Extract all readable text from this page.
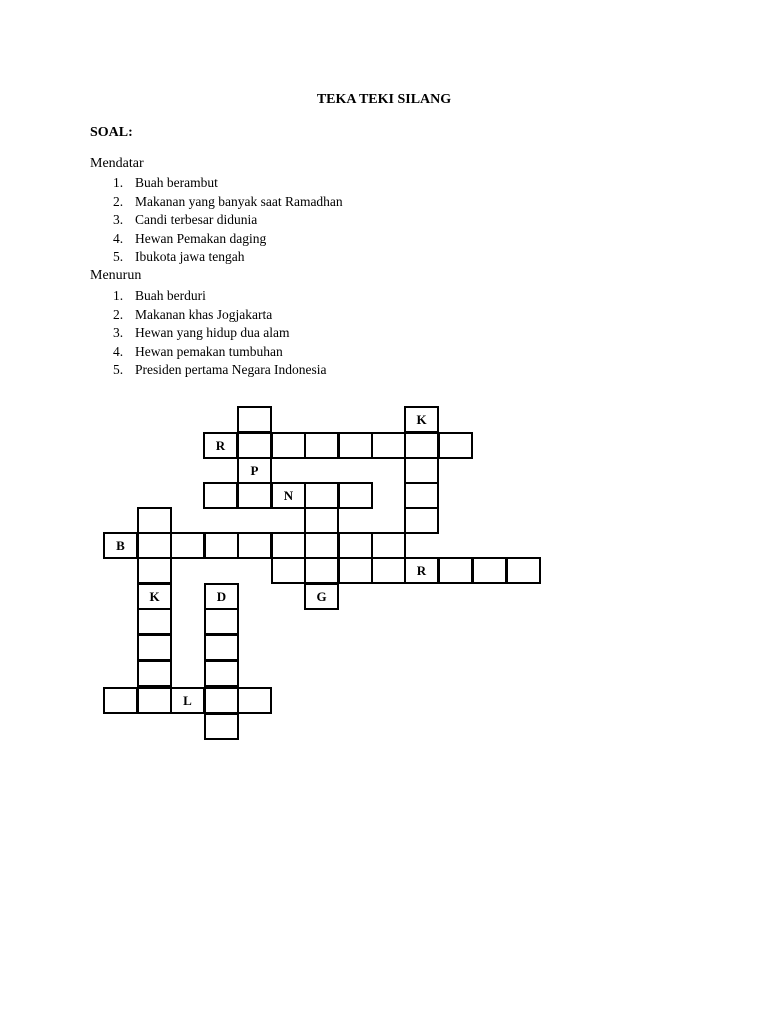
TEKA TEKI SILANG
SOAL:
Mendatar
1. Buah berambut
2. Makanan yang banyak saat Ramadhan
3. Candi terbesar didunia
4. Hewan Pemakan daging
5. Ibukota jawa tengah
Menurun
1. Buah berduri
2. Makanan khas Jogjakarta
3. Hewan yang hidup dua alam
4. Hewan pemakan tumbuhan
5. Presiden pertama Negara Indonesia
K
R
P
N
B
R
K	D	G
L
